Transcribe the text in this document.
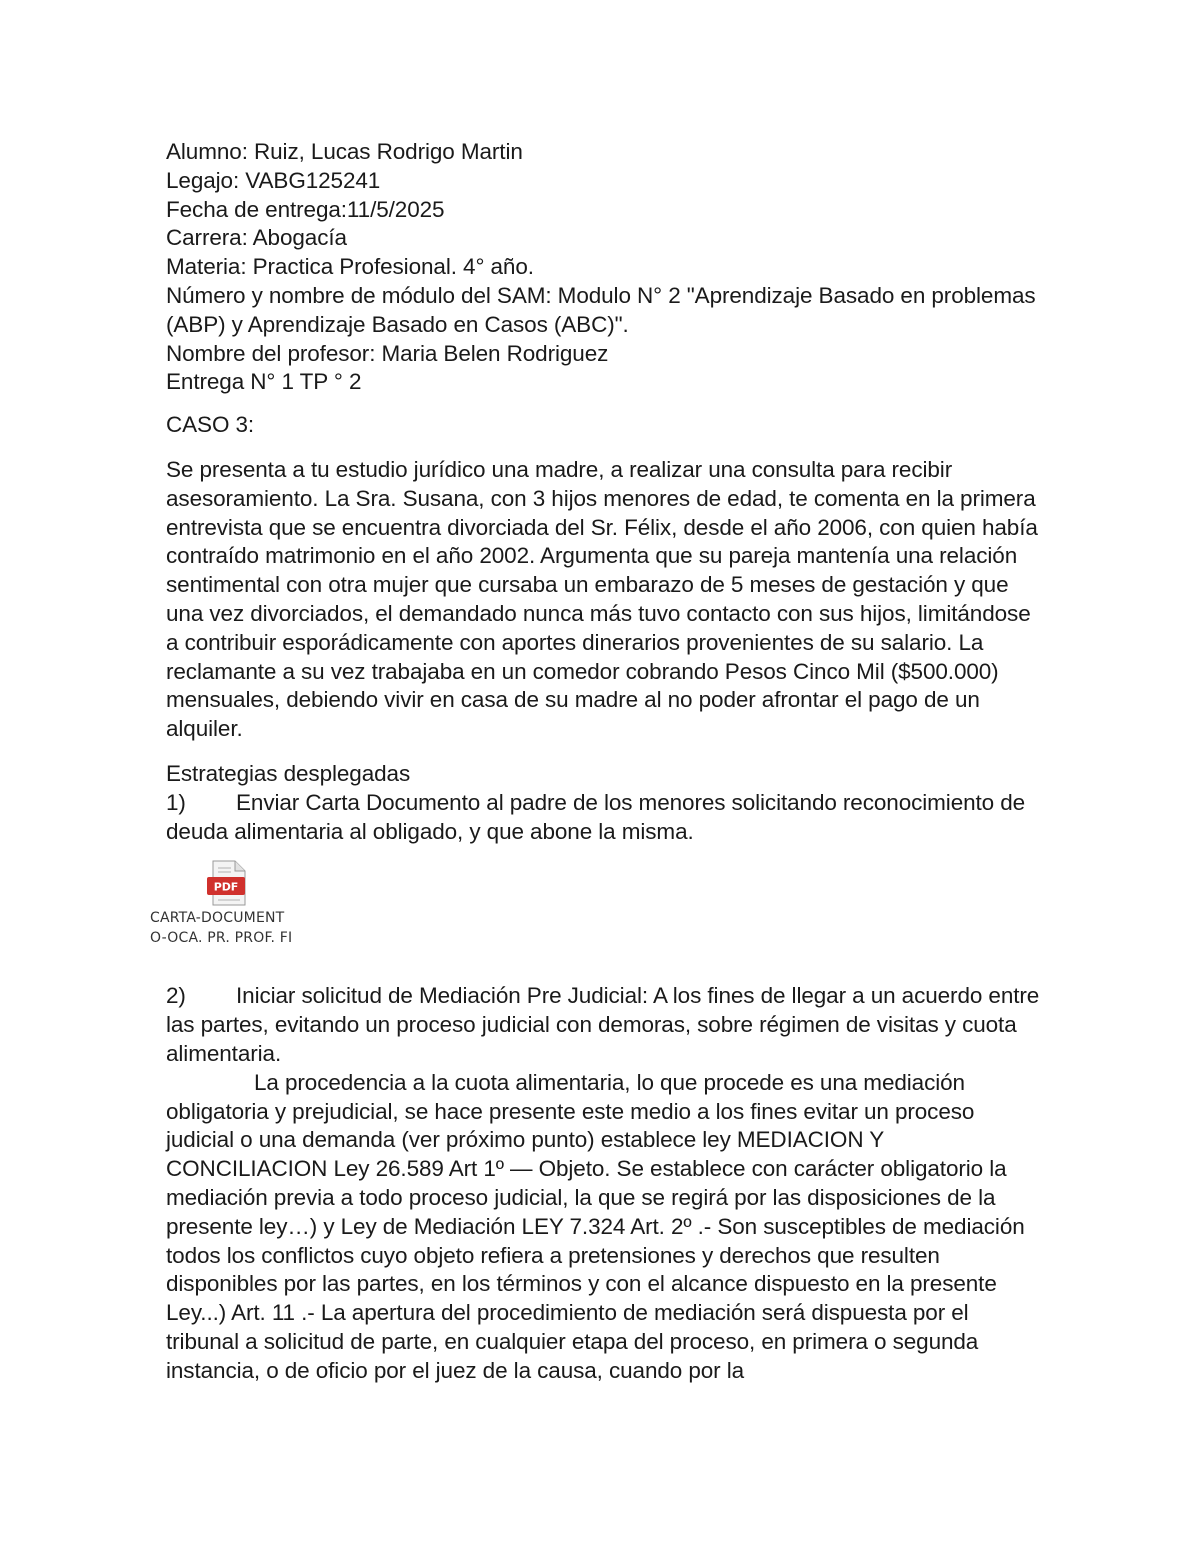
Alumno: Ruiz, Lucas Rodrigo Martin

Legajo: VABG125241

Fecha de entrega:11/5/2025

Carrera: Abogacía

Materia: Practica Profesional. 4° año.

Número y nombre de módulo del SAM: Modulo N° 2 "Aprendizaje Basado en problemas (ABP) y Aprendizaje Basado en Casos (ABC)".

Nombre del profesor: Maria Belen Rodriguez

Entrega N° 1 TP ° 2

CASO 3:

Se presenta a tu estudio jurídico una madre, a realizar una consulta para recibir asesoramiento. La Sra. Susana, con 3 hijos menores de edad, te comenta en la primera entrevista que se encuentra divorciada del Sr. Félix, desde el año 2006, con quien había contraído matrimonio en el año 2002. Argumenta que su pareja mantenía una relación sentimental con otra mujer que cursaba un embarazo de 5 meses de gestación y que una vez divorciados, el demandado nunca más tuvo contacto con sus hijos, limitándose a contribuir esporádicamente con aportes dinerarios provenientes de su salario. La reclamante a su vez trabajaba en un comedor cobrando Pesos Cinco Mil ($500.000) mensuales, debiendo vivir en casa de su madre al no poder afrontar el pago de un alquiler.

Estrategias desplegadas

1) Enviar Carta Documento al padre de los menores solicitando reconocimiento de deuda alimentaria al obligado, y que abone la misma.
PDF
CARTA-DOCUMENT
O-OCA. PR. PROF. FI
2) Iniciar solicitud de Mediación Pre Judicial: A los fines de llegar a un acuerdo entre las partes, evitando un proceso judicial con demoras, sobre régimen de visitas y cuota alimentaria.

La procedencia a la cuota alimentaria, lo que procede es una mediación obligatoria y prejudicial, se hace presente este medio a los fines evitar un proceso judicial o una demanda (ver próximo punto) establece ley MEDIACION Y CONCILIACION Ley 26.589 Art 1º — Objeto. Se establece con carácter obligatorio la mediación previa a todo proceso judicial, la que se regirá por las disposiciones de la presente ley…) y Ley de Mediación LEY 7.324 Art. 2º .- Son susceptibles de mediación todos los conflictos cuyo objeto refiera a pretensiones y derechos que resulten disponibles por las partes, en los términos y con el alcance dispuesto en la presente Ley...) Art. 11 .- La apertura del procedimiento de mediación será dispuesta por el tribunal a solicitud de parte, en cualquier etapa del proceso, en primera o segunda instancia, o de oficio por el juez de la causa, cuando por la
